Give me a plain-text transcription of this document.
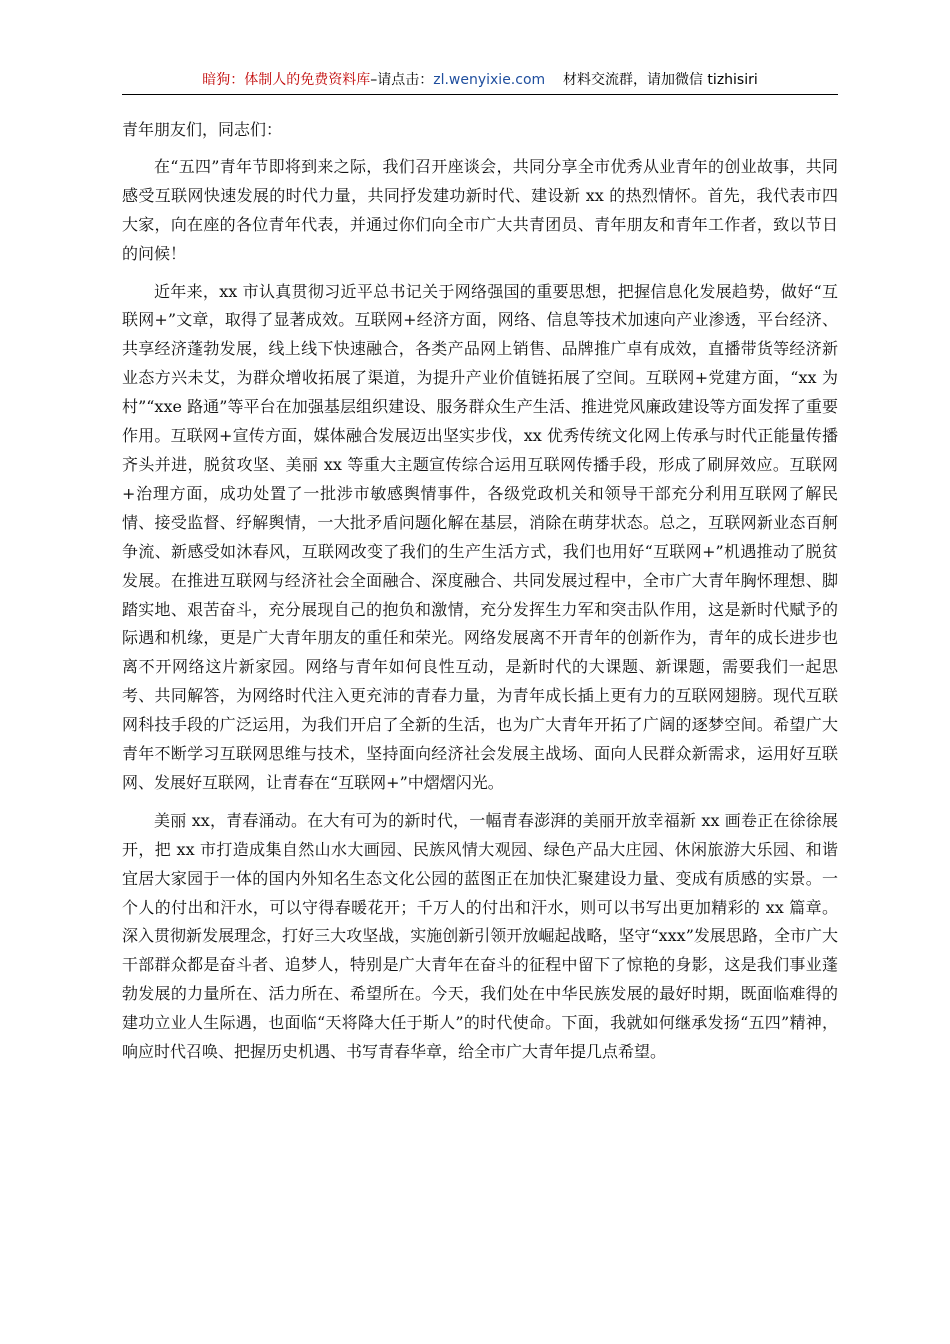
暗狗：体制人的免费资料库–请点击：zl.wenyixie.com 材料交流群，请加微信 tizhisiri

青年朋友们，同志们：

在“五四”青年节即将到来之际，我们召开座谈会，共同分享全市优秀从业青年的创业故事，共同感受互联网快速发展的时代力量，共同抒发建功新时代、建设新 xx 的热烈情怀。首先，我代表市四大家，向在座的各位青年代表，并通过你们向全市广大共青团员、青年朋友和青年工作者，致以节日的问候！

近年来，xx 市认真贯彻习近平总书记关于网络强国的重要思想，把握信息化发展趋势，做好“互联网+”文章，取得了显著成效。互联网+经济方面，网络、信息等技术加速向产业渗透，平台经济、共享经济蓬勃发展，线上线下快速融合，各类产品网上销售、品牌推广卓有成效，直播带货等经济新业态方兴未艾，为群众增收拓展了渠道，为提升产业价值链拓展了空间。互联网+党建方面，“xx 为村”“xxe 路通”等平台在加强基层组织建设、服务群众生产生活、推进党风廉政建设等方面发挥了重要作用。互联网+宣传方面，媒体融合发展迈出坚实步伐，xx 优秀传统文化网上传承与时代正能量传播齐头并进，脱贫攻坚、美丽 xx 等重大主题宣传综合运用互联网传播手段，形成了刷屏效应。互联网+治理方面，成功处置了一批涉市敏感舆情事件，各级党政机关和领导干部充分利用互联网了解民情、接受监督、纾解舆情，一大批矛盾问题化解在基层，消除在萌芽状态。总之，互联网新业态百舸争流、新感受如沐春风，互联网改变了我们的生产生活方式，我们也用好“互联网+”机遇推动了脱贫发展。在推进互联网与经济社会全面融合、深度融合、共同发展过程中，全市广大青年胸怀理想、脚踏实地、艰苦奋斗，充分展现自己的抱负和激情，充分发挥生力军和突击队作用，这是新时代赋予的际遇和机缘，更是广大青年朋友的重任和荣光。网络发展离不开青年的创新作为，青年的成长进步也离不开网络这片新家园。网络与青年如何良性互动，是新时代的大课题、新课题，需要我们一起思考、共同解答，为网络时代注入更充沛的青春力量，为青年成长插上更有力的互联网翅膀。现代互联网科技手段的广泛运用，为我们开启了全新的生活，也为广大青年开拓了广阔的逐梦空间。希望广大青年不断学习互联网思维与技术，坚持面向经济社会发展主战场、面向人民群众新需求，运用好互联网、发展好互联网，让青春在“互联网+”中熠熠闪光。

美丽 xx，青春涌动。在大有可为的新时代，一幅青春澎湃的美丽开放幸福新 xx 画卷正在徐徐展开，把 xx 市打造成集自然山水大画园、民族风情大观园、绿色产品大庄园、休闲旅游大乐园、和谐宜居大家园于一体的国内外知名生态文化公园的蓝图正在加快汇聚建设力量、变成有质感的实景。一个人的付出和汗水，可以守得春暖花开；千万人的付出和汗水，则可以书写出更加精彩的 xx 篇章。深入贯彻新发展理念，打好三大攻坚战，实施创新引领开放崛起战略，坚守“xxx”发展思路，全市广大干部群众都是奋斗者、追梦人，特别是广大青年在奋斗的征程中留下了惊艳的身影，这是我们事业蓬勃发展的力量所在、活力所在、希望所在。今天，我们处在中华民族发展的最好时期，既面临难得的建功立业人生际遇，也面临“天将降大任于斯人”的时代使命。下面，我就如何继承发扬“五四”精神，响应时代召唤、把握历史机遇、书写青春华章，给全市广大青年提几点希望。
